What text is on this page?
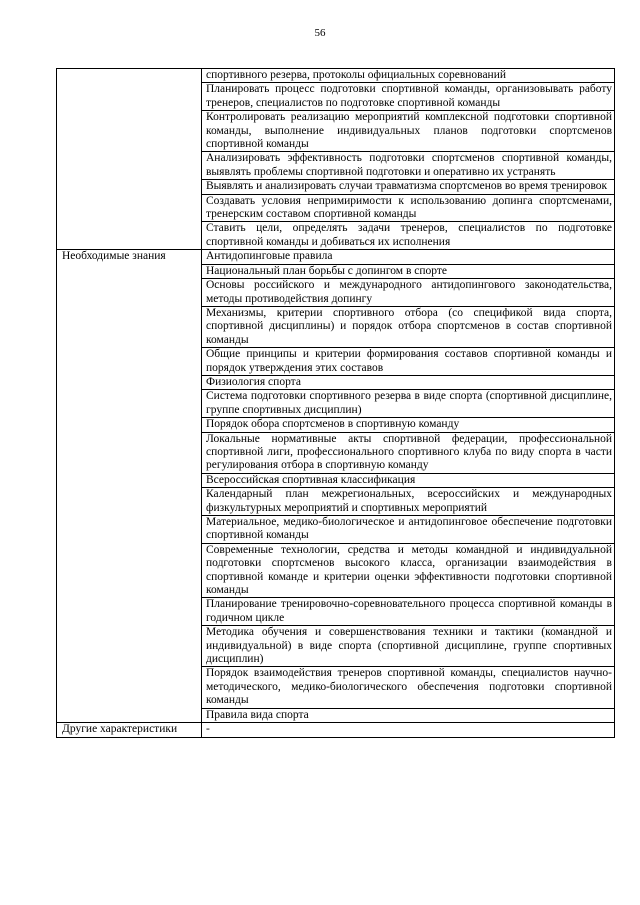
56
	спортивного резерва, протоколы официальных соревнований
	Планировать процесс подготовки спортивной команды, организовывать работу тренеров, специалистов по подготовке спортивной команды
	Контролировать реализацию мероприятий комплексной подготовки спортивной команды, выполнение индивидуальных планов подготовки спортсменов спортивной команды
	Анализировать эффективность подготовки спортсменов спортивной команды, выявлять проблемы спортивной подготовки и оперативно их устранять
	Выявлять и анализировать случаи травматизма спортсменов во время тренировок
	Создавать условия непримиримости к использованию допинга спортсменами, тренерским составом спортивной команды
	Ставить цели, определять задачи тренеров, специалистов по подготовке спортивной команды и добиваться их исполнения
Необходимые знания	Антидопинговые правила
	Национальный план борьбы с допингом в спорте
	Основы российского и международного антидопингового законодательства, методы противодействия допингу
	Механизмы, критерии спортивного отбора (со спецификой вида спорта, спортивной дисциплины) и порядок отбора спортсменов в состав спортивной команды
	Общие принципы и критерии формирования составов спортивной команды и порядок утверждения этих составов
	Физиология спорта
	Система подготовки спортивного резерва в виде спорта (спортивной дисциплине, группе спортивных дисциплин)
	Порядок обора спортсменов в спортивную команду
	Локальные нормативные акты спортивной федерации, профессиональной спортивной лиги, профессионального спортивного клуба по виду спорта в части регулирования отбора в спортивную команду
	Всероссийская спортивная классификация
	Календарный план межрегиональных, всероссийских и международных физкультурных мероприятий и спортивных мероприятий
	Материальное, медико-биологическое и антидопинговое обеспечение подготовки спортивной команды
	Современные технологии, средства и методы командной и индивидуальной подготовки спортсменов высокого класса, организации взаимодействия в спортивной команде и критерии оценки эффективности подготовки спортивной команды
	Планирование тренировочно-соревновательного процесса спортивной команды в годичном цикле
	Методика обучения и совершенствования техники и тактики (командной и индивидуальной) в виде спорта (спортивной дисциплине, группе спортивных дисциплин)
	Порядок взаимодействия тренеров спортивной команды, специалистов научно-методического, медико-биологического обеспечения подготовки спортивной команды
	Правила вида спорта
Другие характеристики	-
